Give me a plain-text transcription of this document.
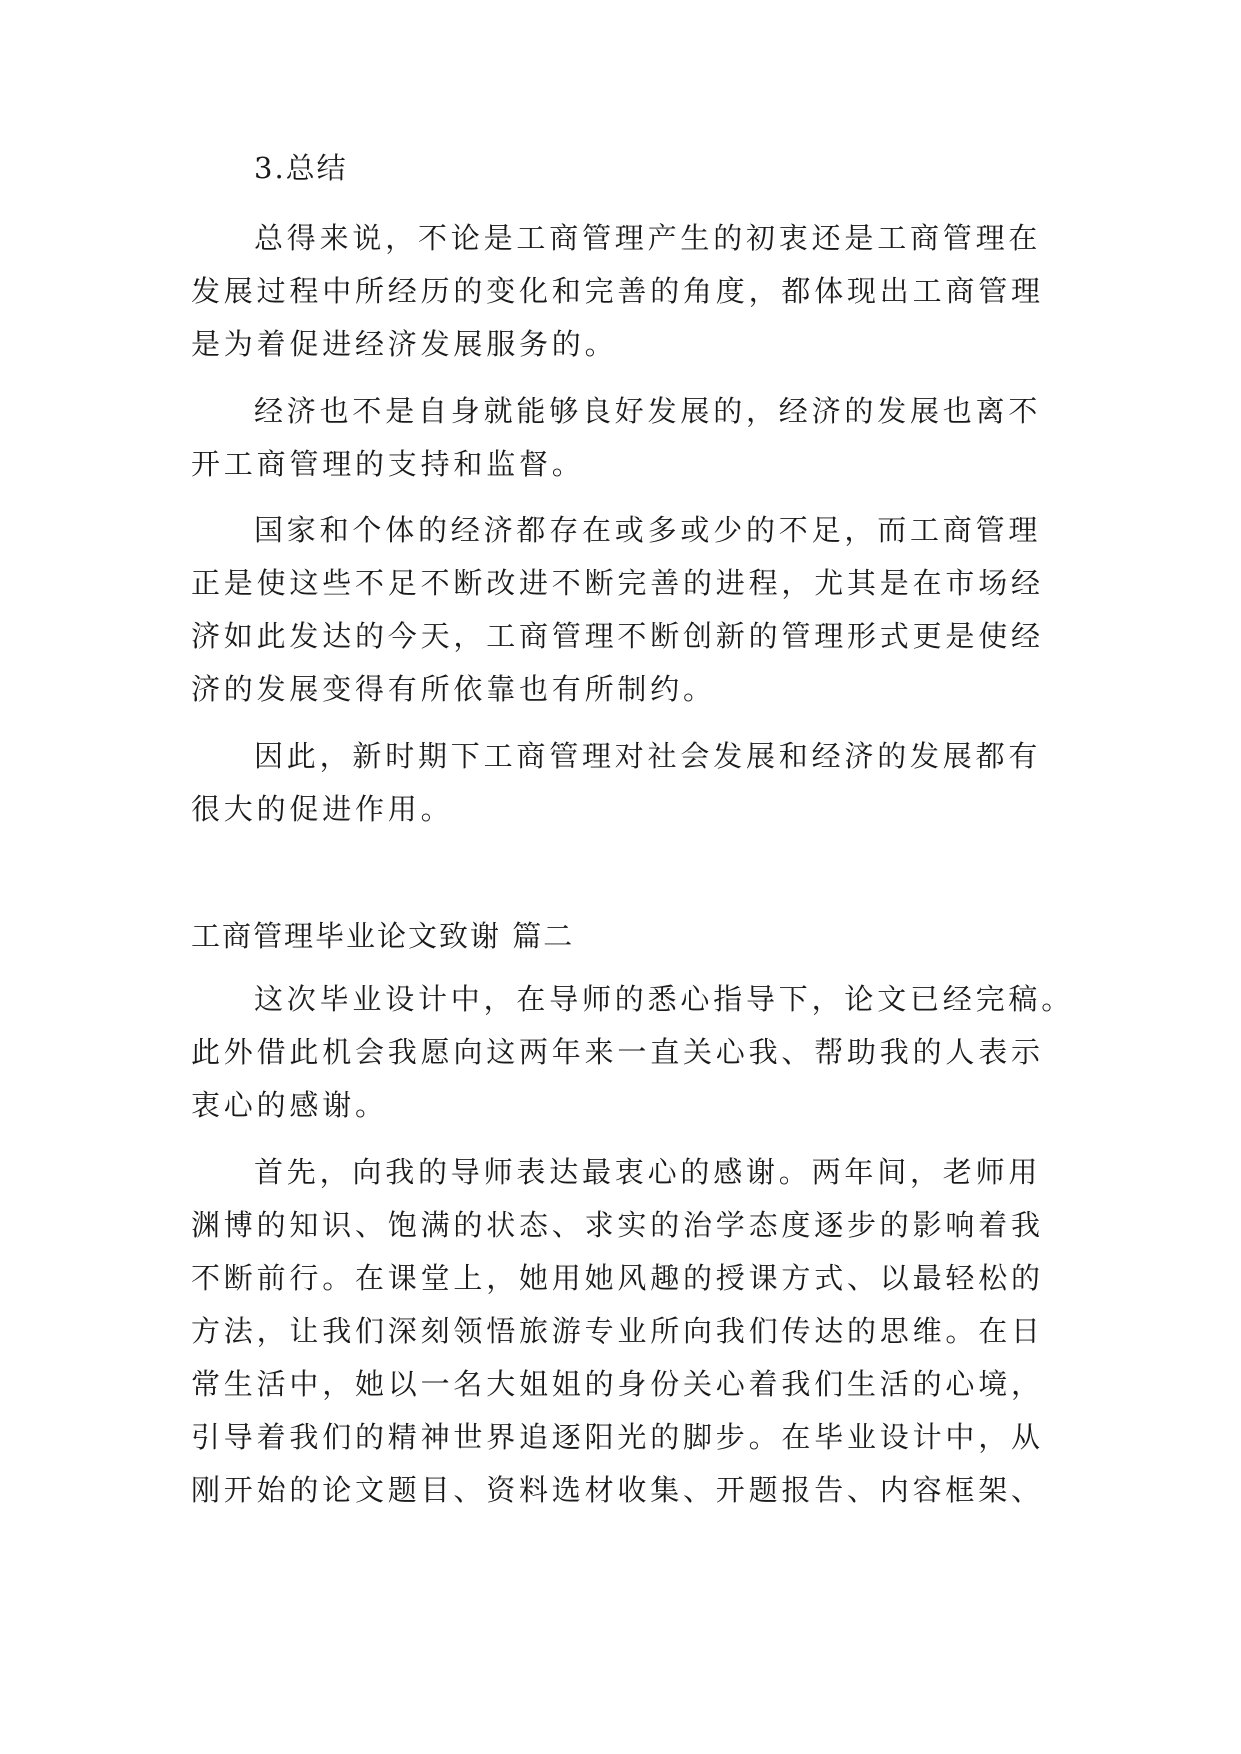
3.总结
总得来说，不论是工商管理产生的初衷还是工商管理在
发展过程中所经历的变化和完善的角度，都体现出工商管理
是为着促进经济发展服务的。
经济也不是自身就能够良好发展的，经济的发展也离不
开工商管理的支持和监督。
国家和个体的经济都存在或多或少的不足，而工商管理
正是使这些不足不断改进不断完善的进程，尤其是在市场经
济如此发达的今天，工商管理不断创新的管理形式更是使经
济的发展变得有所依靠也有所制约。
因此，新时期下工商管理对社会发展和经济的发展都有
很大的促进作用。
工商管理毕业论文致谢 篇二
这次毕业设计中，在导师的悉心指导下，论文已经完稿。
此外借此机会我愿向这两年来一直关心我、帮助我的人表示
衷心的感谢。
首先，向我的导师表达最衷心的感谢。两年间，老师用
渊博的知识、饱满的状态、求实的治学态度逐步的影响着我
不断前行。在课堂上，她用她风趣的授课方式、以最轻松的
方法，让我们深刻领悟旅游专业所向我们传达的思维。在日
常生活中，她以一名大姐姐的身份关心着我们生活的心境，
引导着我们的精神世界追逐阳光的脚步。在毕业设计中，从
刚开始的论文题目、资料选材收集、开题报告、内容框架、
